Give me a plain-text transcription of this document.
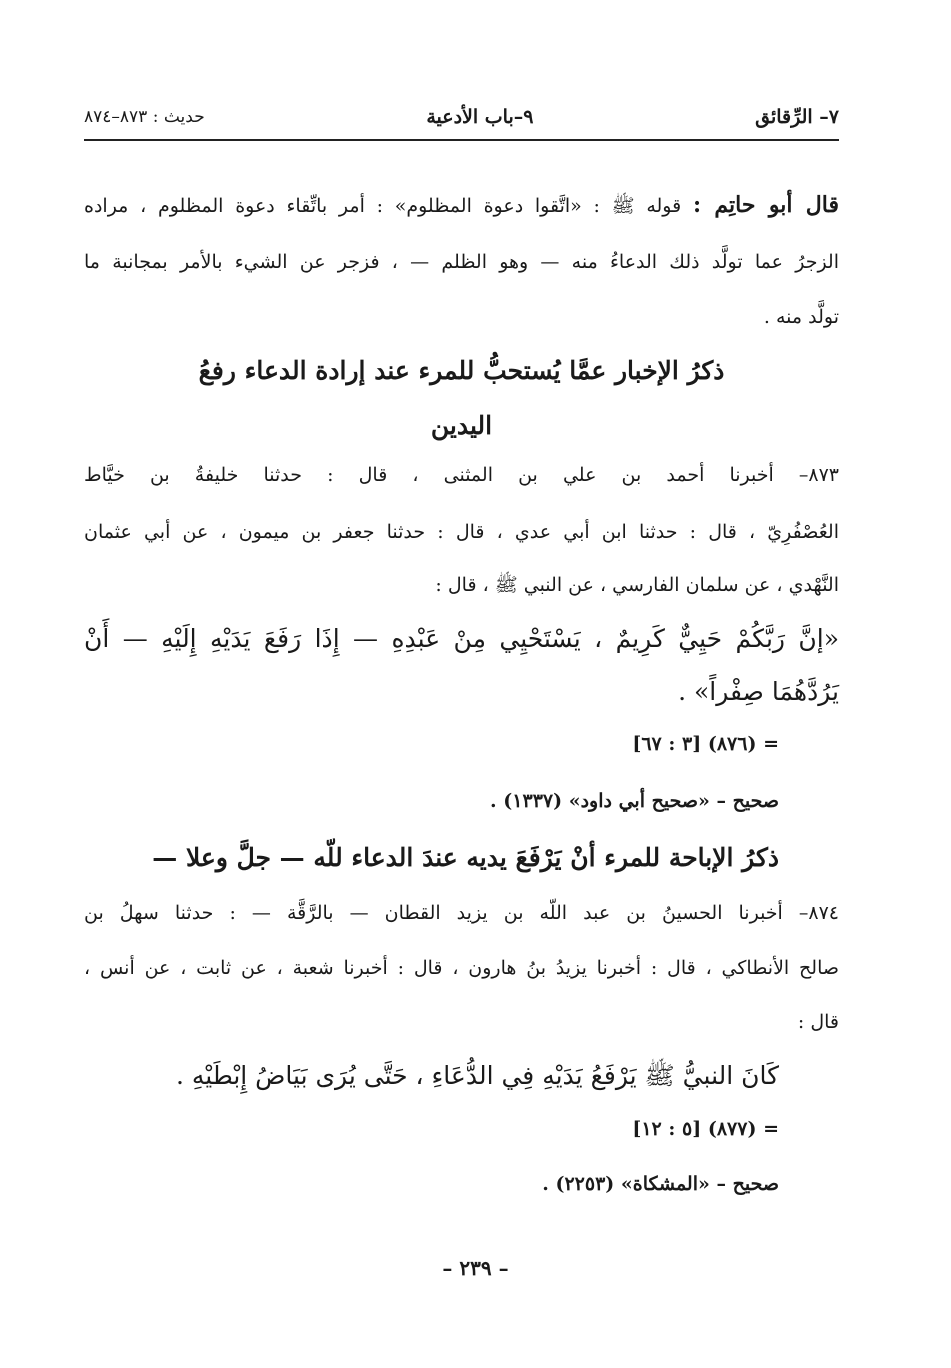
٧– الرِّقائق
٩–باب الأدعية
حديث : ٨٧٣–٨٧٤
قال أبو حاتِم : قوله ﷺ : «اتَّقوا دعوة المظلوم» : أمر باتِّقاء دعوة المظلوم ، مراده
الزجرُ عما تولَّد ذلك الدعاءُ منه — وهو الظلم — ، فزجر عن الشيء بالأمر بمجانبة ما
تولَّد منه .
ذكرُ الإخبار عمَّا يُستحبُّ للمرء عند إرادة الدعاء رفعُ
اليدين
٨٧٣– أخبرنا أحمد بن علي بن المثنى ، قال : حدثنا خليفةُ بن خيَّاط
العُصْفُرِيّ ، قال : حدثنا ابن أبي عدي ، قال : حدثنا جعفر بن ميمون ، عن أبي عثمان
النَّهْدي ، عن سلمان الفارسي ، عن النبي ﷺ ، قال :
«إنَّ رَبَّكُمْ حَيِيٌّ كَرِيمٌ ، يَسْتَحْيِي مِنْ عَبْدِهِ — إِذَا رَفَعَ يَدَيْهِ إِلَيْهِ — أَنْ
يَرُدَّهُمَا صِفْراً» .
= (٨٧٦) [٣ : ٦٧]
صحيح – «صحيح أبي داود» (١٣٣٧) .
ذكرُ الإباحة للمرء أنْ يَرْفَعَ يديه عندَ الدعاء للّه — جلَّ وعلا —
٨٧٤– أخبرنا الحسينُ بن عبد اللّه بن يزيد القطان — بالرَّقَّة — : حدثنا سهلُ بن
صالح الأنطاكي ، قال : أخبرنا يزيدُ بنُ هارون ، قال : أخبرنا شعبة ، عن ثابت ، عن أنس ،
قال :
كَانَ النبيُّ ﷺ يَرْفَعُ يَدَيْهِ فِي الدُّعَاءِ ، حَتَّى يُرَى بَيَاضُ إِبْطَيْهِ .
= (٨٧٧) [٥ : ١٢]
صحيح – «المشكاة» (٢٢٥٣) .
– ٢٣٩ –
